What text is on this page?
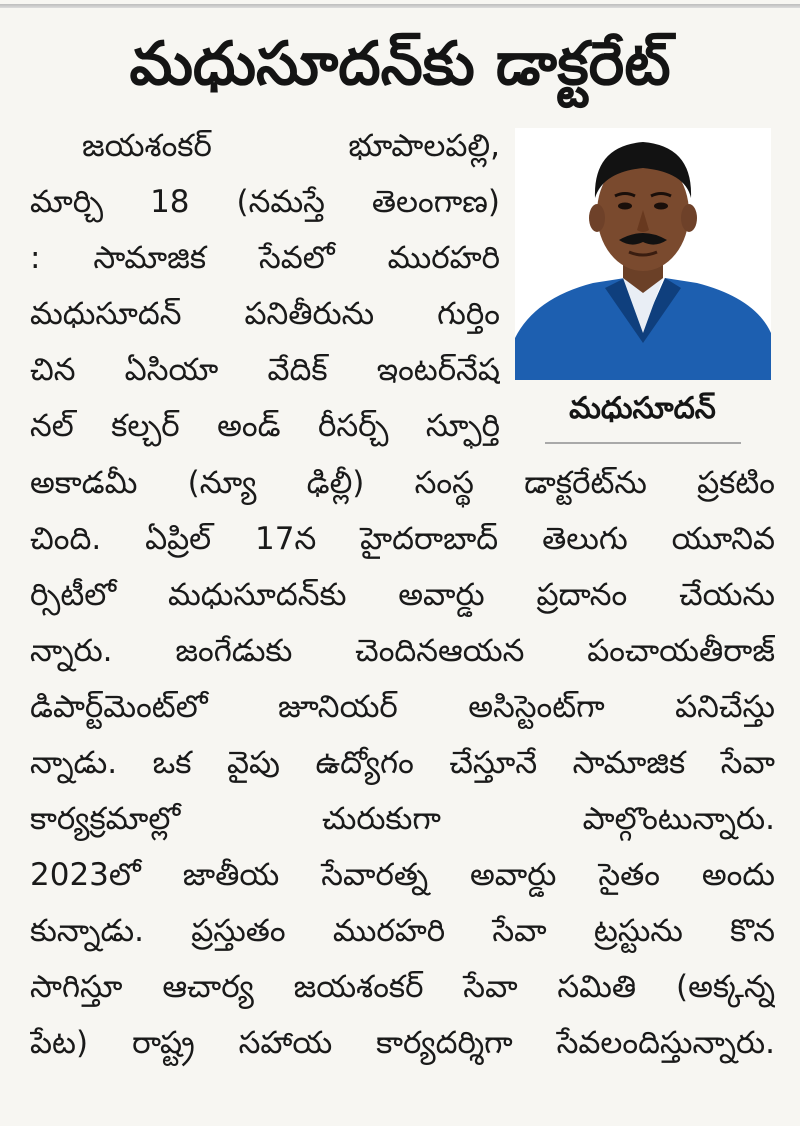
మధుసూదన్‌కు డాక్టరేట్
జయశంకర్ భూపాలపల్లి,
మార్చి 18 (నమస్తే తెలంగాణ)
: సామాజిక సేవలో మురహరి
మధుసూదన్ పనితీరును గుర్తిం
చిన ఏసియా వేదిక్ ఇంటర్‌నేష
నల్ కల్చర్ అండ్ రీసర్చ్ స్ఫూర్తి	మధుసూదన్
అకాడమీ (న్యూ ఢిల్లీ) సంస్థ డాక్టరేట్‌ను ప్రకటిం
చింది. ఏప్రిల్ 17న హైదరాబాద్ తెలుగు యూనివ
ర్సిటీలో మధుసూదన్‌కు అవార్డు ప్రదానం చేయను
న్నారు. జంగేడుకు చెందినఆయన పంచాయతీరాజ్
డిపార్ట్‌మెంట్‌లో జూనియర్ అసిస్టెంట్‌గా పనిచేస్తు
న్నాడు. ఒక వైపు ఉద్యోగం చేస్తూనే సామాజిక సేవా
కార్యక్రమాల్లో చురుకుగా పాల్గొంటున్నారు.
2023లో జాతీయ సేవారత్న అవార్డు సైతం అందు
కున్నాడు. ప్రస్తుతం మురహరి సేవా ట్రస్టును కొన
సాగిస్తూ ఆచార్య జయశంకర్ సేవా సమితి (అక్కన్న
పేట) రాష్ట్ర సహాయ కార్యదర్శిగా సేవలందిస్తున్నారు.
